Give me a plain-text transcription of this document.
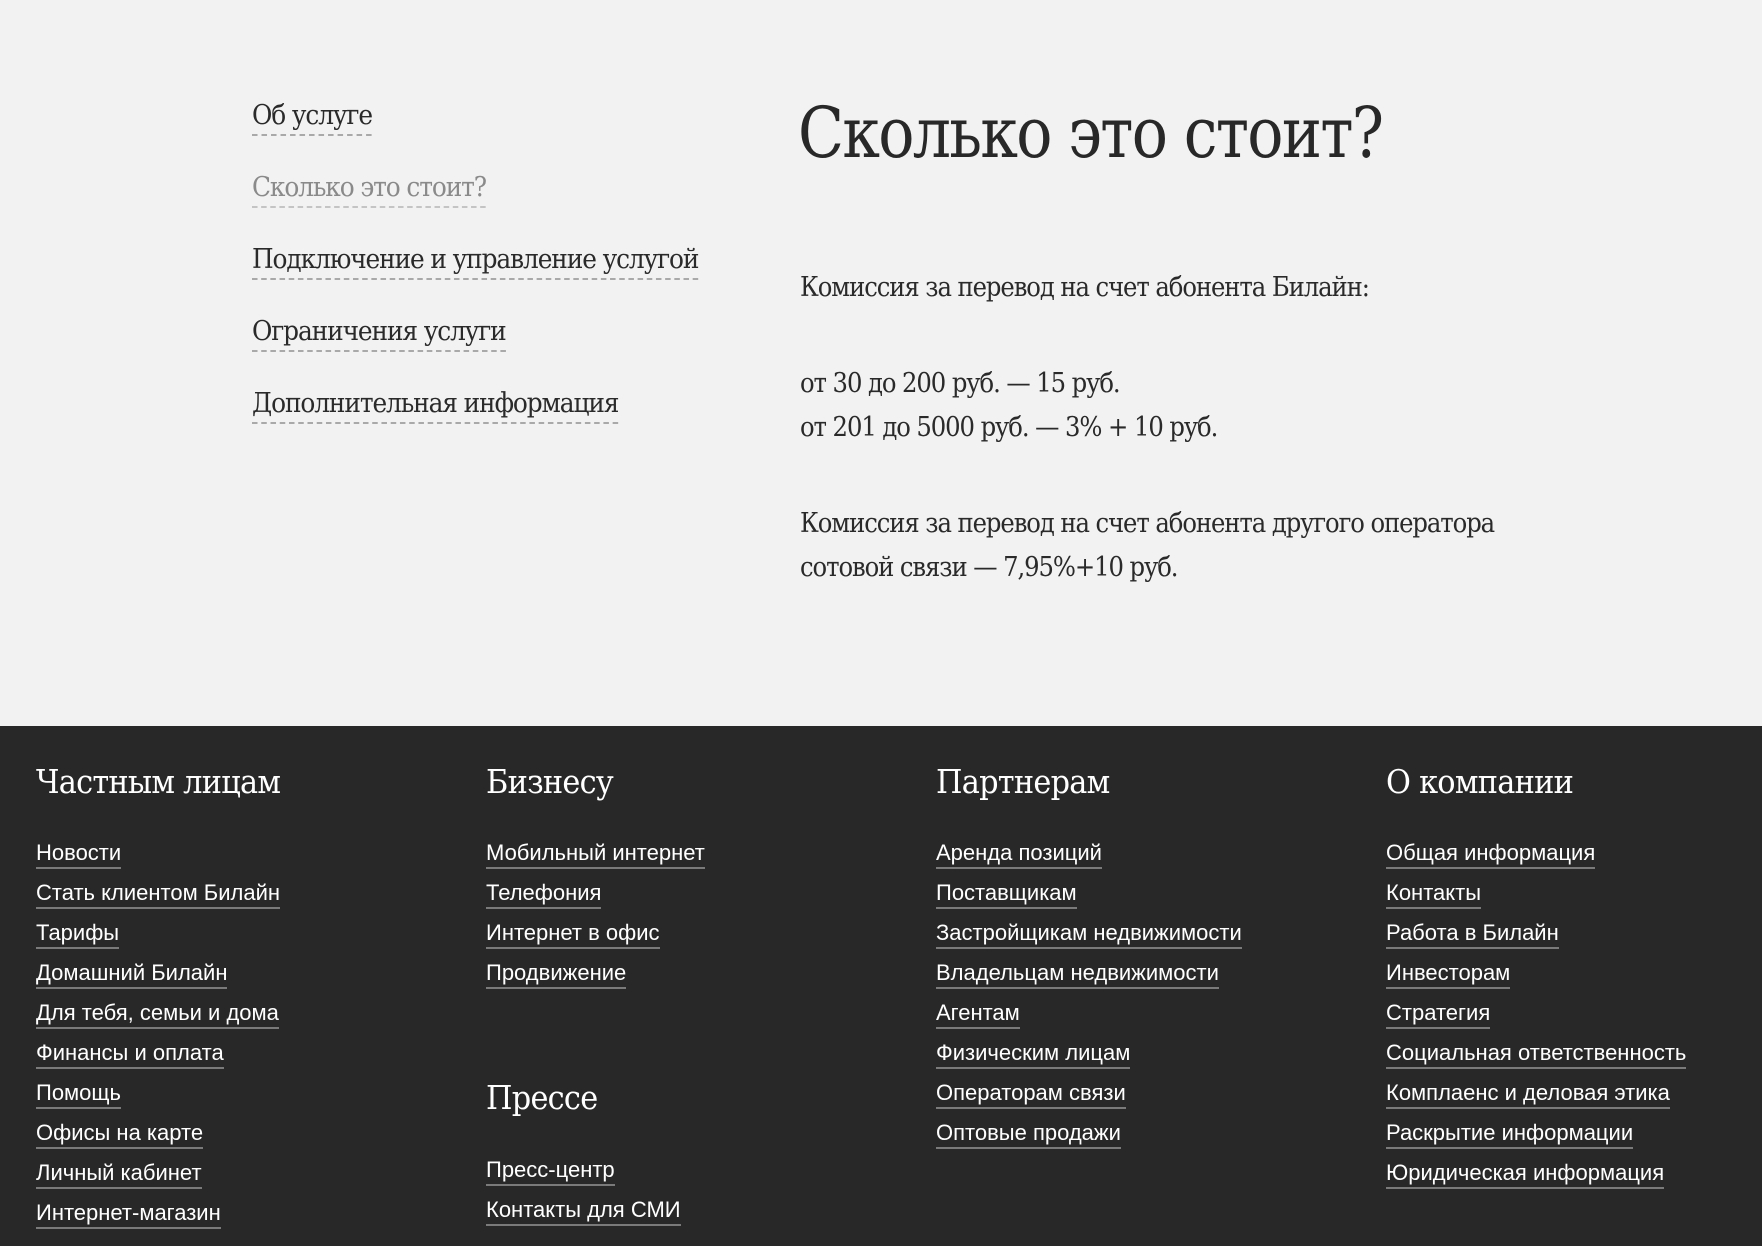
Об услуге
Сколько это стоит?
Подключение и управление услугой
Ограничения услуги
Дополнительная информация
Сколько это стоит?

Комиссия за перевод на счет абонента Билайн:

от 30 до 200 руб. — 15 руб.

от 201 до 5000 руб. — 3% + 10 руб.

Комиссия за перевод на счет абонента другого оператора

сотовой связи — 7,95%+10 руб.

Частным лицам
Новости
Стать клиентом Билайн
Тарифы
Домашний Билайн
Для тебя, семьи и дома
Финансы и оплата
Помощь
Офисы на карте
Личный кабинет
Интернет-магазин
Бизнесу
Мобильный интернет
Телефония
Интернет в офис
Продвижение
Прессе
Пресс-центр
Контакты для СМИ
Партнерам
Аренда позиций
Поставщикам
Застройщикам недвижимости
Владельцам недвижимости
Агентам
Физическим лицам
Операторам связи
Оптовые продажи
О компании
Общая информация
Контакты
Работа в Билайн
Инвесторам
Стратегия
Социальная ответственность
Комплаенс и деловая этика
Раскрытие информации
Юридическая информация
